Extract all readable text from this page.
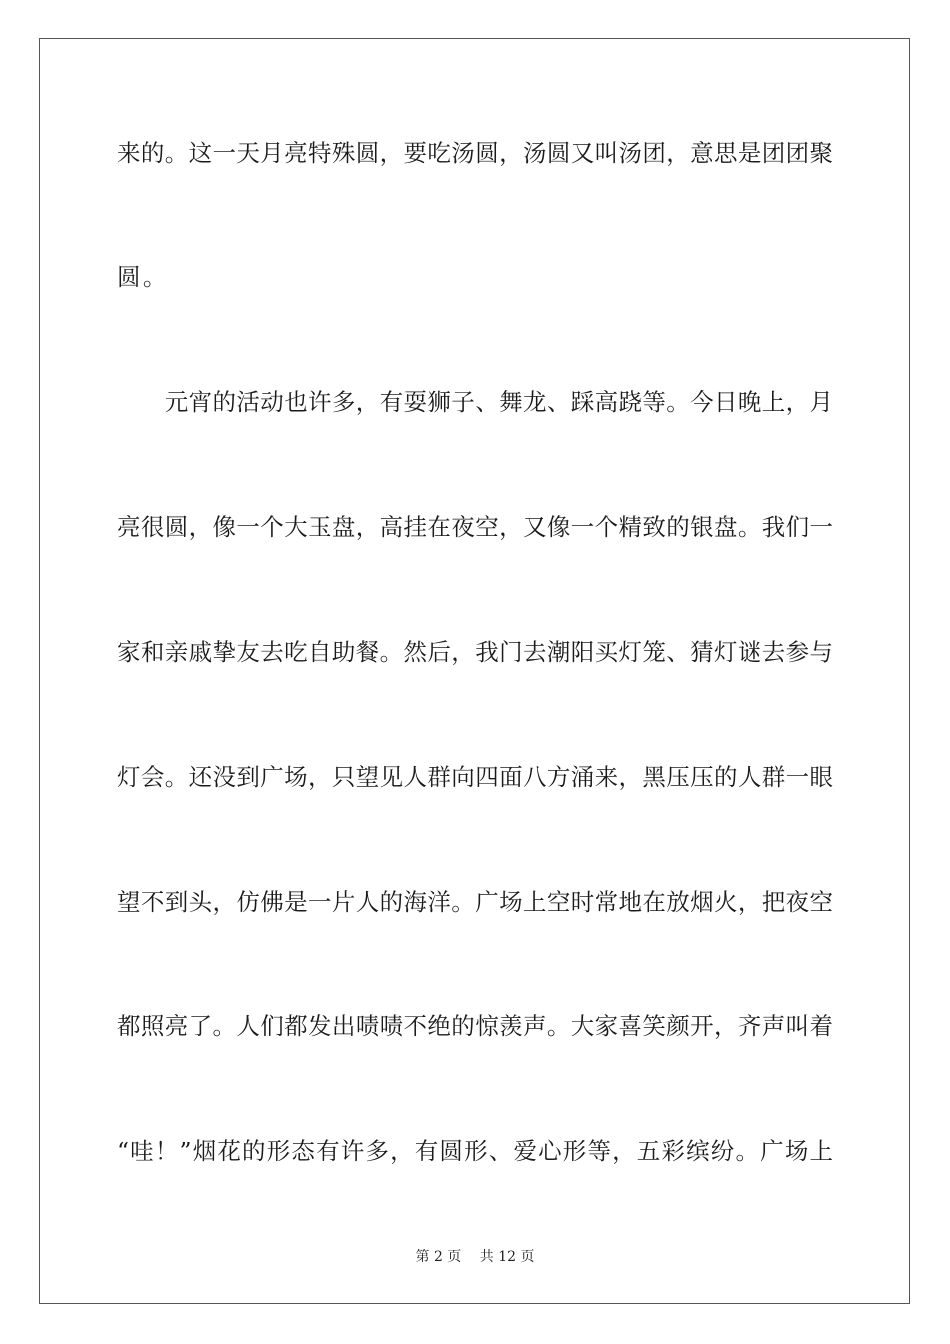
来的。这一天月亮特殊圆，要吃汤圆，汤圆又叫汤团，意思是团团聚
圆。
　　元宵的活动也许多，有耍狮子、舞龙、踩高跷等。今日晚上，月
亮很圆，像一个大玉盘，高挂在夜空，又像一个精致的银盘。我们一
家和亲戚挚友去吃自助餐。然后，我门去潮阳买灯笼、猜灯谜去参与
灯会。还没到广场，只望见人群向四面八方涌来，黑压压的人群一眼
望不到头，仿佛是一片人的海洋。广场上空时常地在放烟火，把夜空
都照亮了。人们都发出啧啧不绝的惊羡声。大家喜笑颜开，齐声叫着
“哇！”烟花的形态有许多，有圆形、爱心形等，五彩缤纷。广场上
第 2 页　 共 12 页
